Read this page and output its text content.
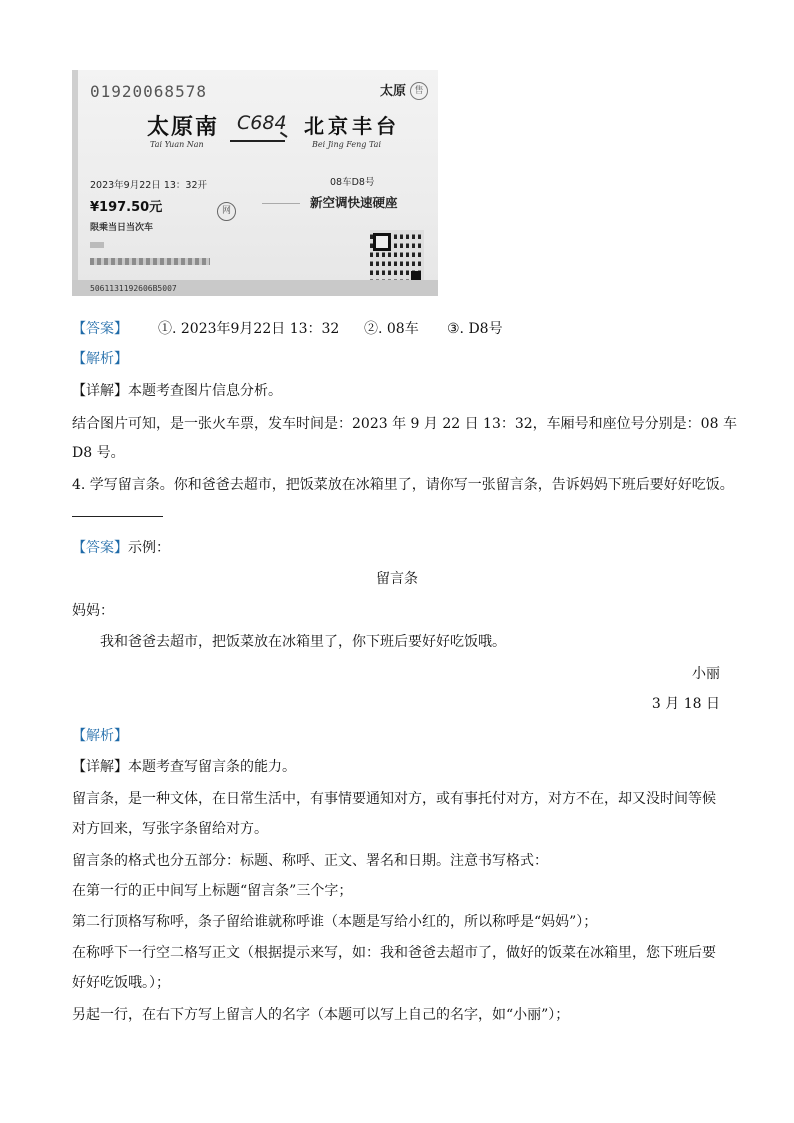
01920068578	太原 售
太原南 C684 北京丰台
Tai Yuan Nan	Bei Jing Feng Tai
2023年9月22日 13：32开	08车D8号
¥197.50元	网
新空调快速硬座
限乘当日当次车
5061131192606B5007
【答案】 ①. 2023年9月22日 13：32 ②. 08车 ③. D8号
【解析】
【详解】本题考查图片信息分析。
结合图片可知，是一张火车票，发车时间是：2023 年 9 月 22 日 13：32，车厢号和座位号分别是：08 车
D8 号。
4. 学写留言条。你和爸爸去超市，把饭菜放在冰箱里了，请你写一张留言条，告诉妈妈下班后要好好吃饭。
【答案】示例：
留言条
妈妈：
我和爸爸去超市，把饭菜放在冰箱里了，你下班后要好好吃饭哦。
小丽
3 月 18 日
【解析】
【详解】本题考查写留言条的能力。
留言条，是一种文体，在日常生活中，有事情要通知对方，或有事托付对方，对方不在，却又没时间等候
对方回来，写张字条留给对方。
留言条的格式也分五部分：标题、称呼、正文、署名和日期。注意书写格式：
在第一行的正中间写上标题“留言条”三个字；
第二行顶格写称呼，条子留给谁就称呼谁（本题是写给小红的，所以称呼是“妈妈”）；
在称呼下一行空二格写正文（根据提示来写，如：我和爸爸去超市了，做好的饭菜在冰箱里，您下班后要
好好吃饭哦。）；
另起一行，在右下方写上留言人的名字（本题可以写上自己的名字，如“小丽”）；
